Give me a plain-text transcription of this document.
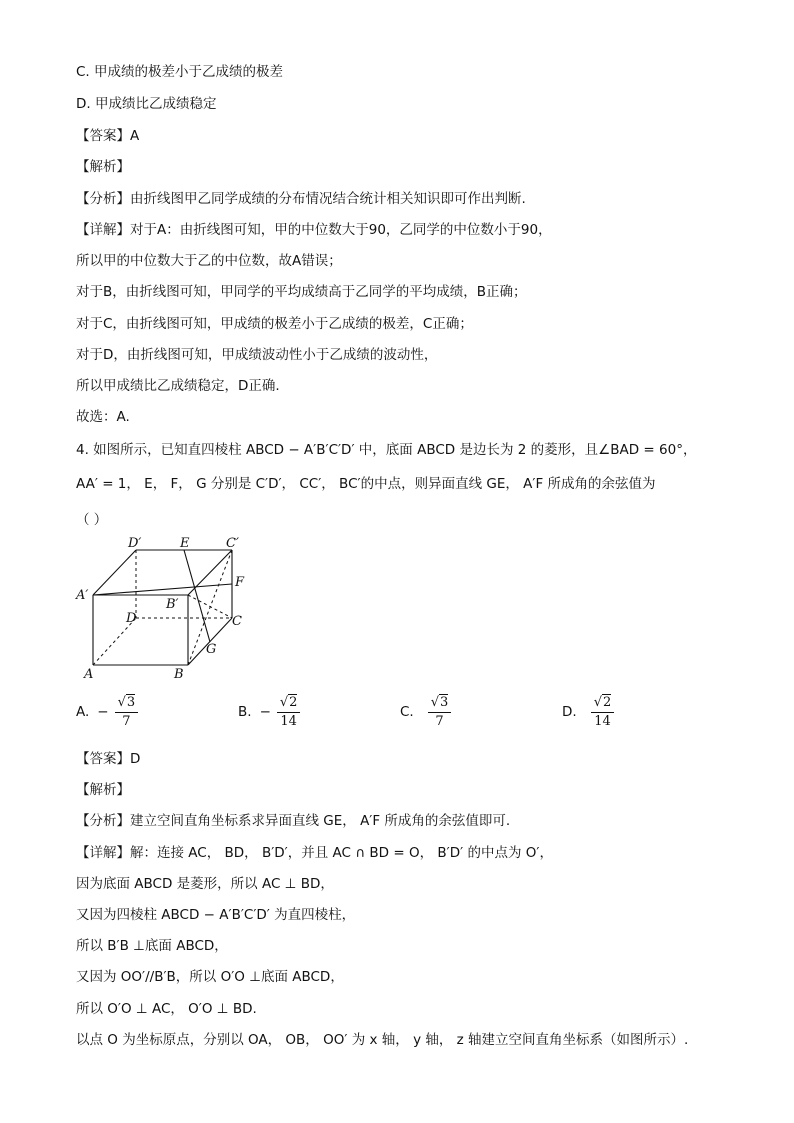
C. 甲成绩的极差小于乙成绩的极差
D. 甲成绩比乙成绩稳定
【答案】A
【解析】
【分析】由折线图甲乙同学成绩的分布情况结合统计相关知识即可作出判断.
【详解】对于A：由折线图可知，甲的中位数大于90，乙同学的中位数小于90，
所以甲的中位数大于乙的中位数，故A错误；
对于B，由折线图可知，甲同学的平均成绩高于乙同学的平均成绩，B正确；
对于C，由折线图可知，甲成绩的极差小于乙成绩的极差，C正确；
对于D，由折线图可知，甲成绩波动性小于乙成绩的波动性，
所以甲成绩比乙成绩稳定，D正确.
故选：A.
4. 如图所示，已知直四棱柱 ABCD − A′B′C′D′ 中，底面 ABCD 是边长为 2 的菱形，且∠BAD = 60°，
AA′ = 1， E， F， G 分别是 C′D′， CC′， BC′的中点，则异面直线 GE， A′F 所成角的余弦值为
（ ）
D′	E	C′
A′
F
B′
D	C
G
A	B
A. − $\frac{√3}{7}$	B. − $\frac{√2}{14}$	C. $\frac{√3}{7}$	D. $\frac{√2}{14}$
【答案】D
【解析】
【分析】建立空间直角坐标系求异面直线 GE， A′F 所成角的余弦值即可.
【详解】解：连接 AC， BD， B′D′，并且 AC ∩ BD = O， B′D′ 的中点为 O′，
因为底面 ABCD 是菱形，所以 AC ⊥ BD，
又因为四棱柱 ABCD − A′B′C′D′ 为直四棱柱，
所以 B′B ⊥底面 ABCD，
又因为 OO′//B′B，所以 O′O ⊥底面 ABCD，
所以 O′O ⊥ AC， O′O ⊥ BD.
以点 O 为坐标原点，分别以 OA， OB， OO′ 为 x 轴， y 轴， z 轴建立空间直角坐标系（如图所示）.
